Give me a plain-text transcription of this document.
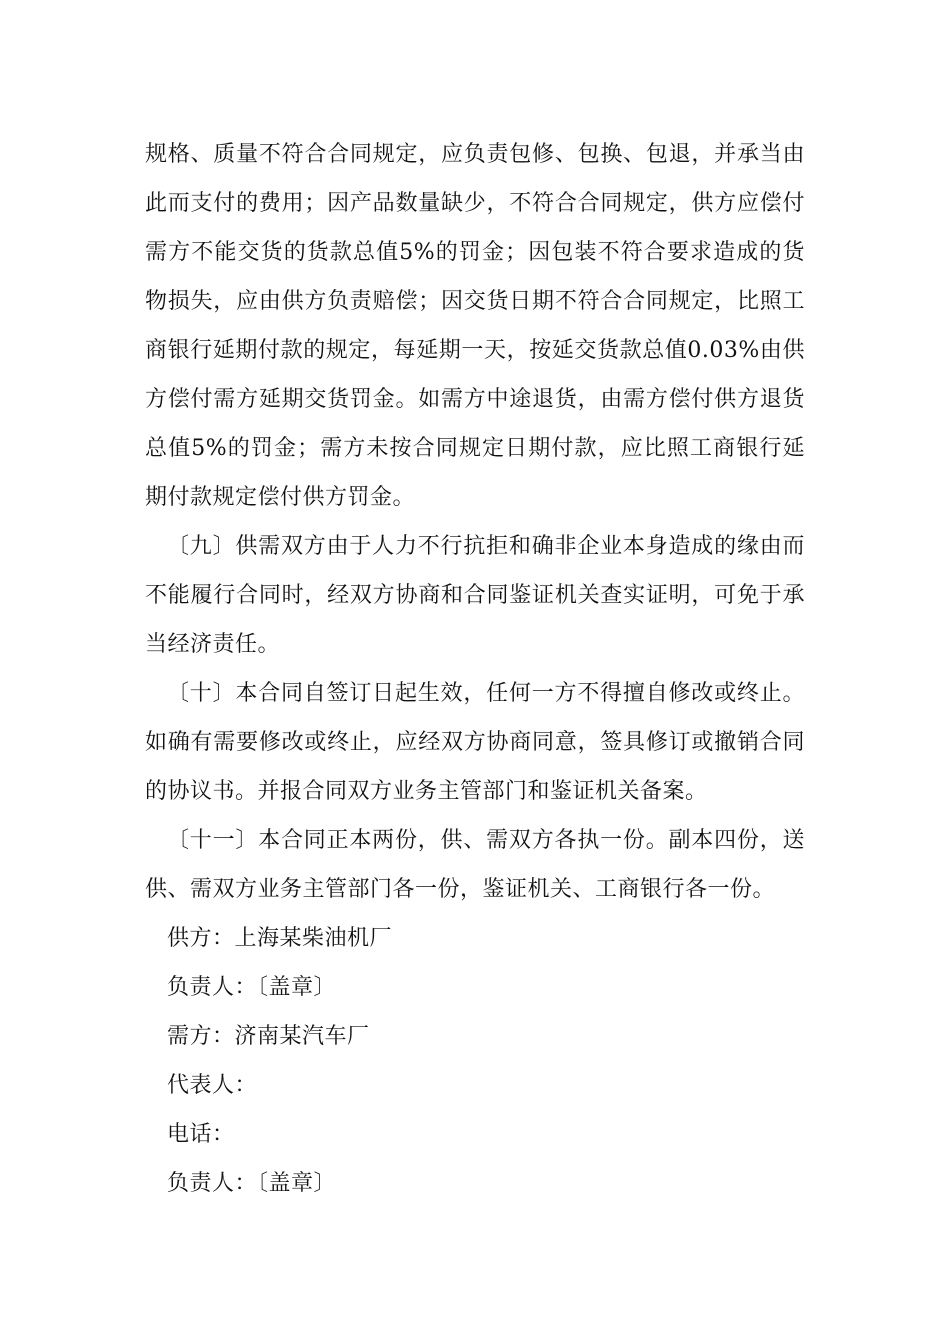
规格、质量不符合合同规定，应负责包修、包换、包退，并承当由此而支付的费用；因产品数量缺少，不符合合同规定，供方应偿付需方不能交货的货款总值5%的罚金；因包装不符合要求造成的货物损失，应由供方负责赔偿；因交货日期不符合合同规定，比照工商银行延期付款的规定，每延期一天，按延交货款总值0.03%由供方偿付需方延期交货罚金。如需方中途退货，由需方偿付供方退货总值5%的罚金；需方未按合同规定日期付款，应比照工商银行延期付款规定偿付供方罚金。

〔九〕供需双方由于人力不行抗拒和确非企业本身造成的缘由而不能履行合同时，经双方协商和合同鉴证机关查实证明，可免于承当经济责任。

〔十〕本合同自签订日起生效，任何一方不得擅自修改或终止。如确有需要修改或终止，应经双方协商同意，签具修订或撤销合同的协议书。并报合同双方业务主管部门和鉴证机关备案。

〔十一〕本合同正本两份，供、需双方各执一份。副本四份，送供、需双方业务主管部门各一份，鉴证机关、工商银行各一份。

供方：上海某柴油机厂

负责人：〔盖章〕

需方：济南某汽车厂

代表人：

电话：

负责人：〔盖章〕
